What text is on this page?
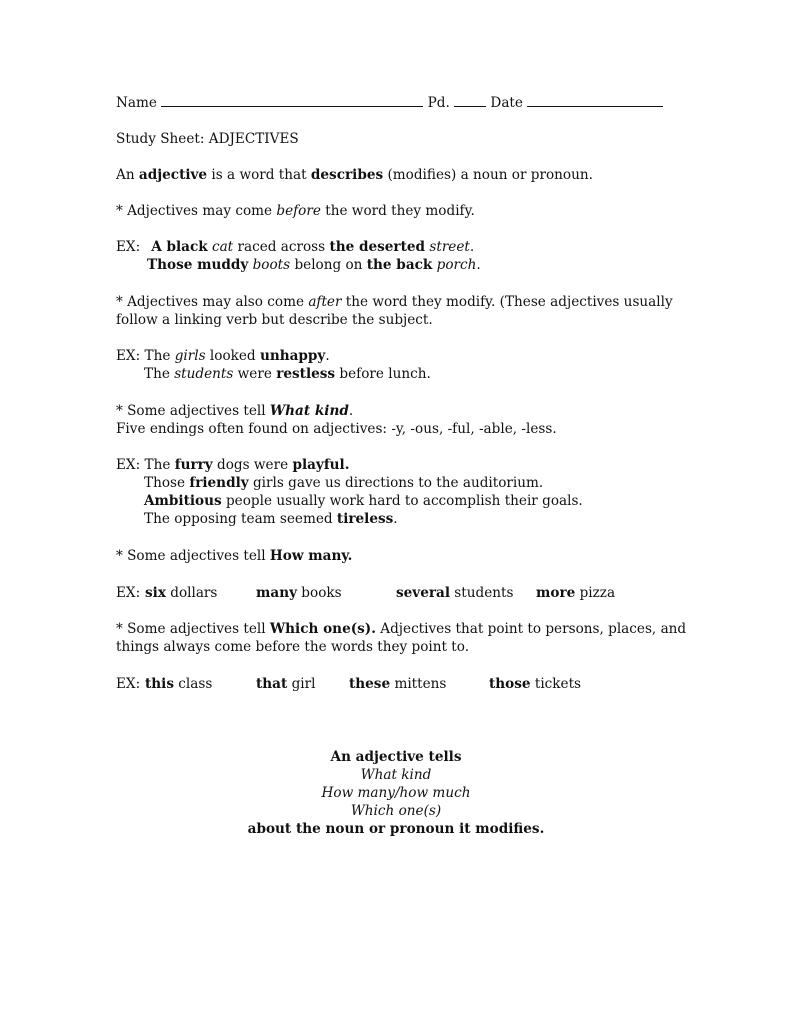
Name	Pd.	Date
Study Sheet: ADJECTIVES
An adjective is a word that describes (modifies) a noun or pronoun.
* Adjectives may come before the word they modify.
EX: A black cat raced across the deserted street.
Those muddy boots belong on the back porch.
* Adjectives may also come after the word they modify. (These adjectives usually
follow a linking verb but describe the subject.
EX: The girls looked unhappy.
The students were restless before lunch.
* Some adjectives tell What kind.
Five endings often found on adjectives: -y, -ous, -ful, -able, -less.
EX: The furry dogs were playful.
Those friendly girls gave us directions to the auditorium.
Ambitious people usually work hard to accomplish their goals.
The opposing team seemed tireless.
* Some adjectives tell How many.
EX: six dollars	many books	several students more pizza
* Some adjectives tell Which one(s). Adjectives that point to persons, places, and
things always come before the words they point to.
EX: this class	that girl these mittens	those tickets
An adjective tells
What kind
How many/how much
Which one(s)
about the noun or pronoun it modifies.
